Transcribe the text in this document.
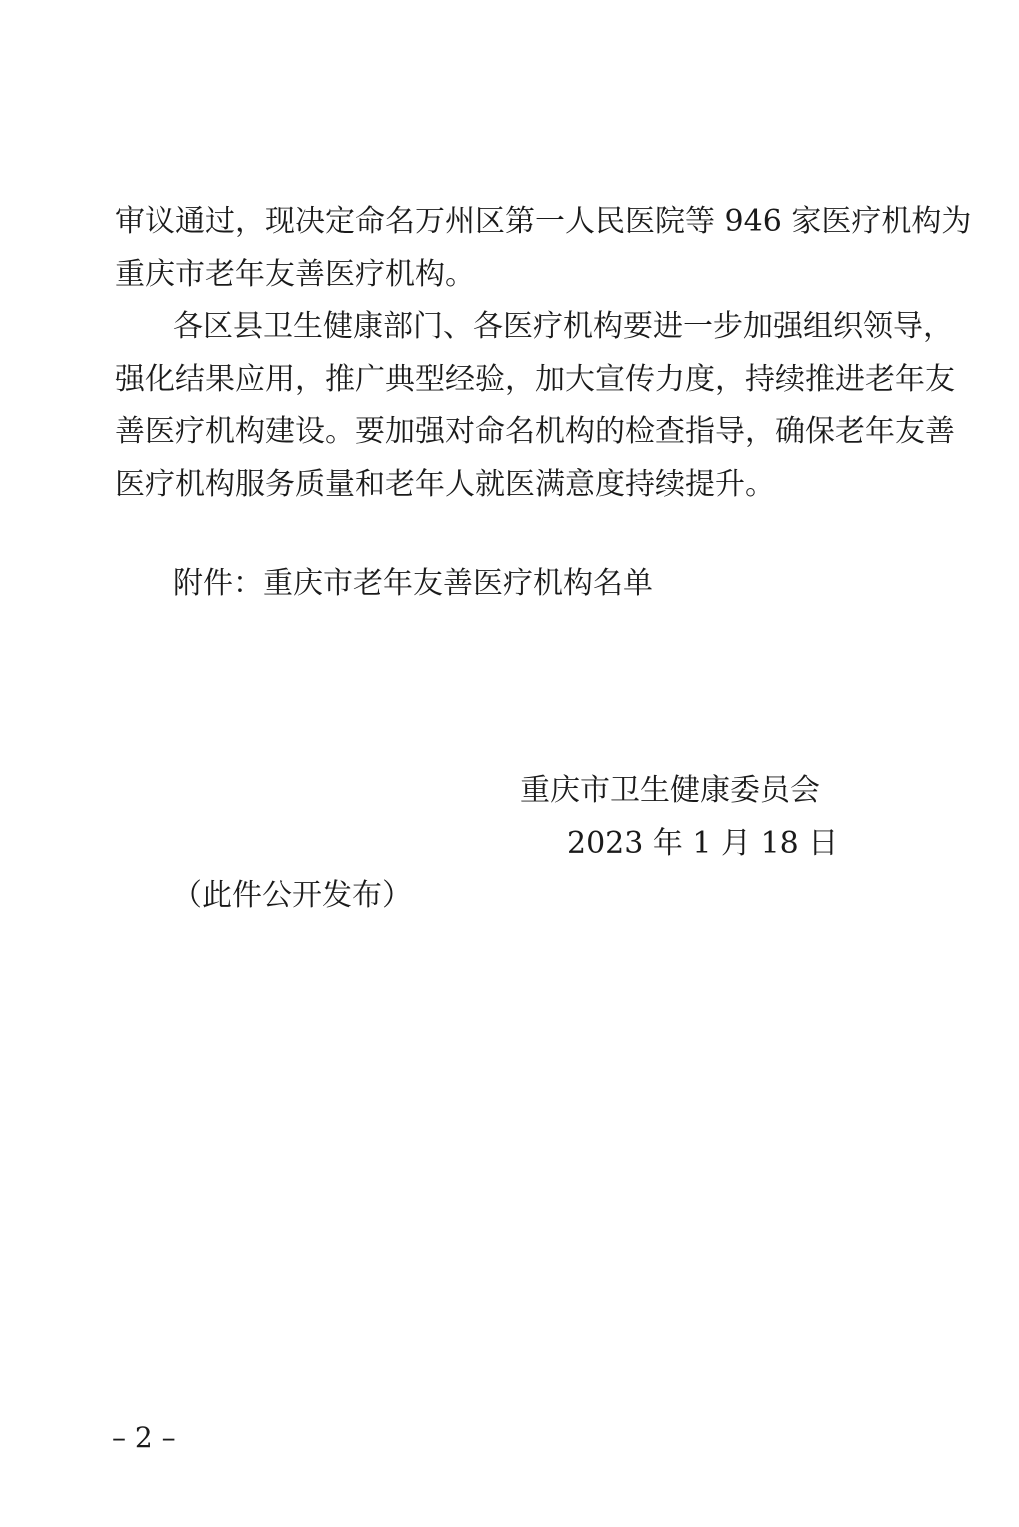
审议通过，现决定命名万州区第一人民医院等 946 家医疗机构为
重庆市老年友善医疗机构。
各区县卫生健康部门、各医疗机构要进一步加强组织领导，
强化结果应用，推广典型经验，加大宣传力度，持续推进老年友
善医疗机构建设。要加强对命名机构的检查指导，确保老年友善
医疗机构服务质量和老年人就医满意度持续提升。
附件：重庆市老年友善医疗机构名单
重庆市卫生健康委员会
2023 年 1 月 18 日
（此件公开发布）
– 2 –
